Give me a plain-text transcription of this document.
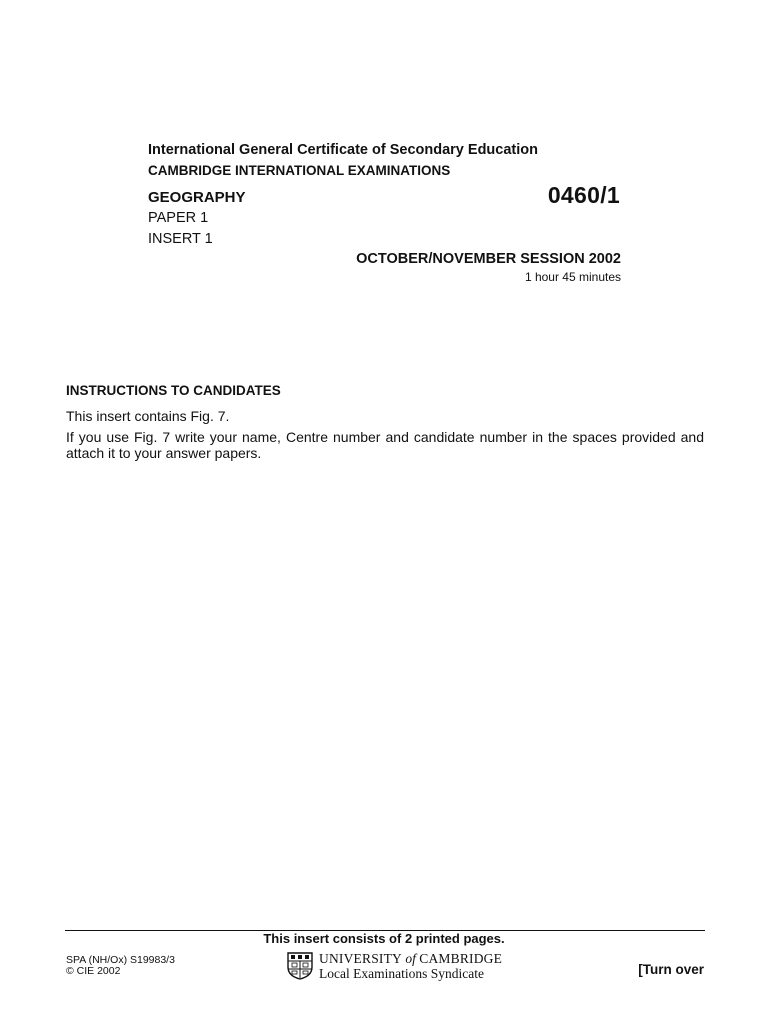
International General Certificate of Secondary Education
CAMBRIDGE INTERNATIONAL EXAMINATIONS
GEOGRAPHY	0460/1
PAPER 1
INSERT 1
OCTOBER/NOVEMBER SESSION 2002
1 hour 45 minutes
INSTRUCTIONS TO CANDIDATES
This insert contains Fig. 7.
If you use Fig. 7 write your name, Centre number and candidate number in the spaces provided and attach it to your answer papers.
This insert consists of 2 printed pages.
SPA (NH/Ox) S19983/3
© CIE 2002
UNIVERSITY of CAMBRIDGE
Local Examinations Syndicate	[Turn over
